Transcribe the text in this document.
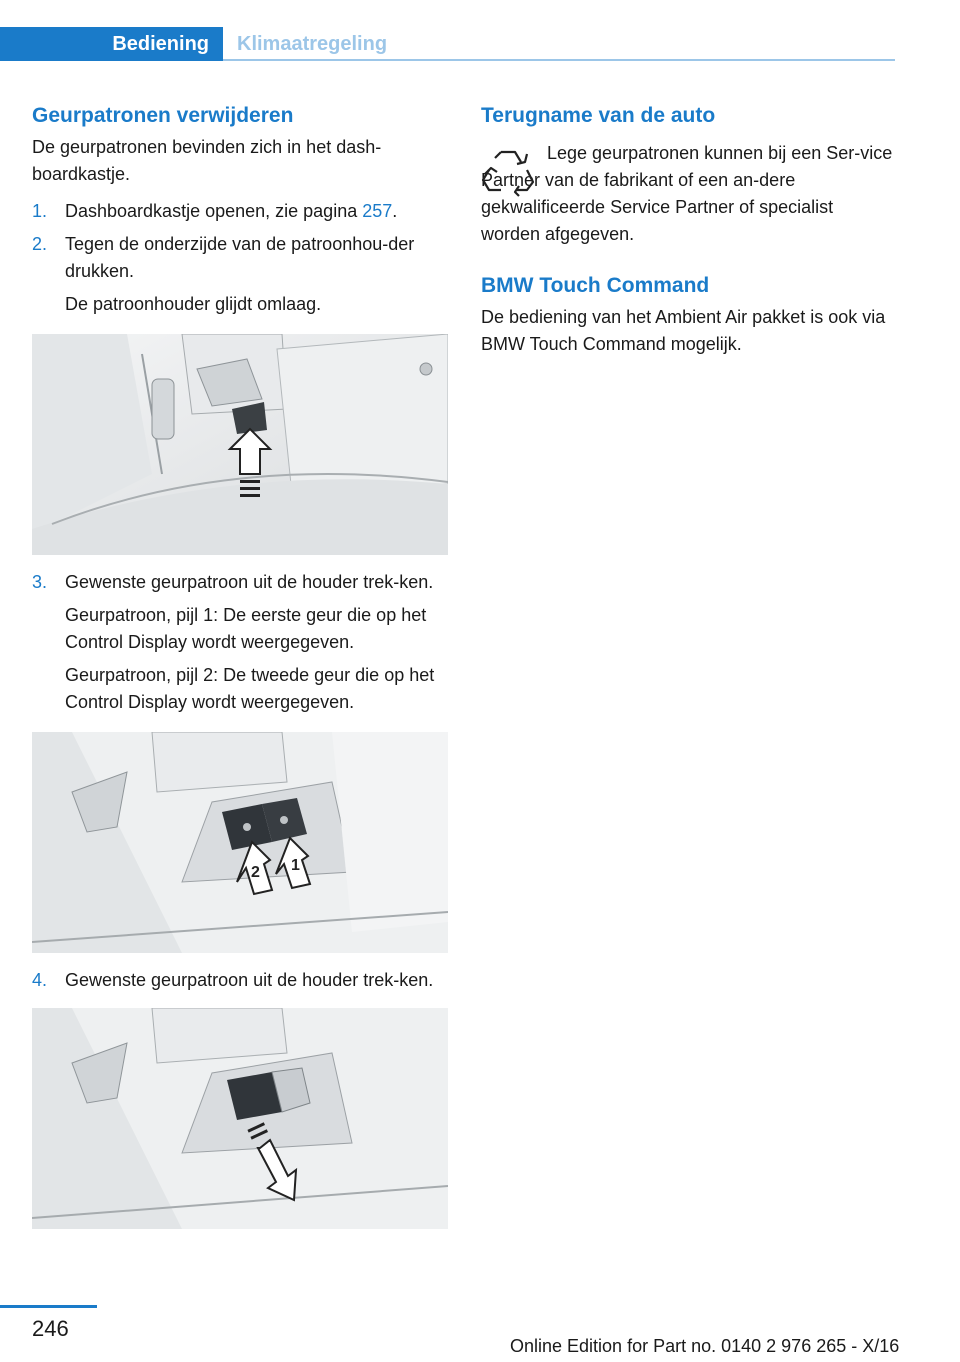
Bediening	Klimaatregeling
Geurpatronen verwijderen

De geurpatronen bevinden zich in het dash-boardkastje.

1. Dashboardkastje openen, zie pagina 257.
2. Tegen de onderzijde van de patroonhou-der drukken.
De patroonhouder glijdt omlaag.
3. Gewenste geurpatroon uit de houder trek-ken.
Geurpatroon, pijl 1: De eerste geur die op het Control Display wordt weergegeven.
Geurpatroon, pijl 2: De tweede geur die op het Control Display wordt weergegeven.
2 1
4. Gewenste geurpatroon uit de houder trek-ken.
Terugname van de auto

Lege geurpatronen kunnen bij een Ser-vice Partner van de fabrikant of een an-dere gekwalificeerde Service Partner of specialist worden afgegeven.

BMW Touch Command

De bediening van het Ambient Air pakket is ook via BMW Touch Command mogelijk.

246
Online Edition for Part no. 0140 2 976 265 - X/16
